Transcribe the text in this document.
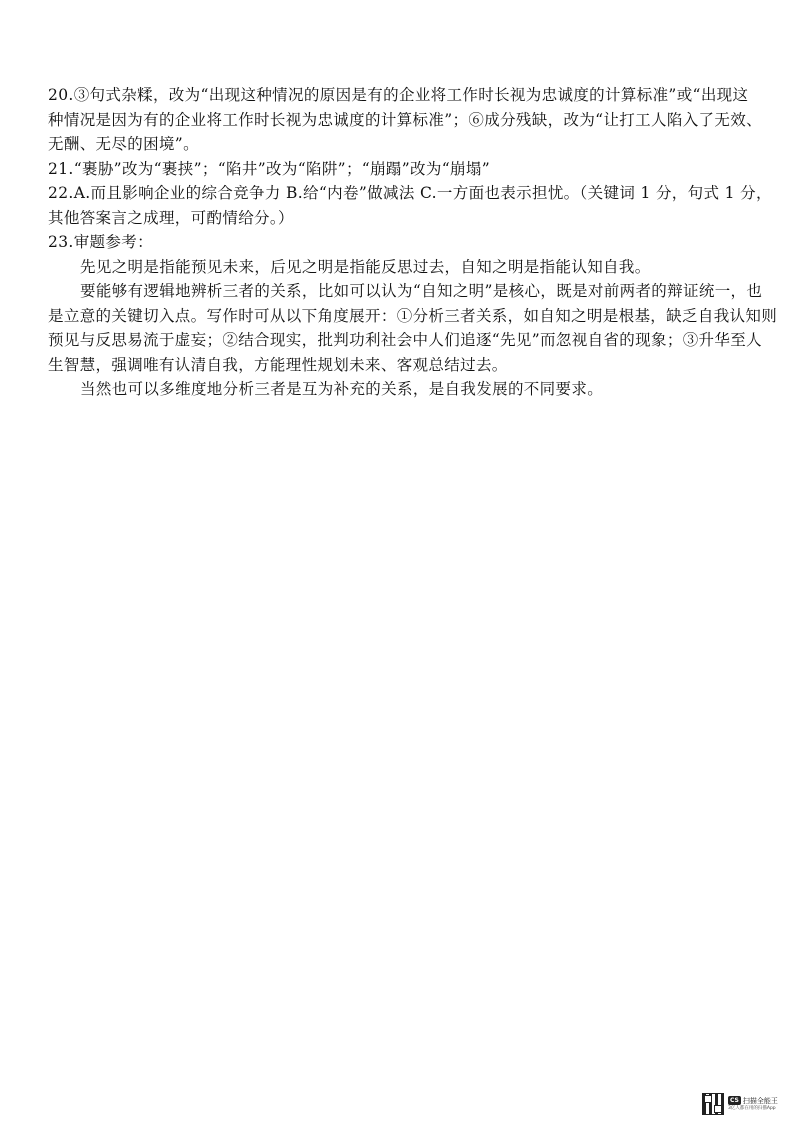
20.③句式杂糅，改为“出现这种情况的原因是有的企业将工作时长视为忠诚度的计算标准”或“出现这
种情况是因为有的企业将工作时长视为忠诚度的计算标准”；⑥成分残缺，改为“让打工人陷入了无效、
无酬、无尽的困境”。
21.“裹胁”改为“裹挟”；“陷井”改为“陷阱”；“崩蹋”改为“崩塌”
22.A.而且影响企业的综合竞争力 B.给“内卷”做减法 C.一方面也表示担忧。（关键词 1 分，句式 1 分，
其他答案言之成理，可酌情给分。）
23.审题参考：
先见之明是指能预见未来，后见之明是指能反思过去，自知之明是指能认知自我。
要能够有逻辑地辨析三者的关系，比如可以认为“自知之明”是核心，既是对前两者的辩证统一，也
是立意的关键切入点。写作时可从以下角度展开：①分析三者关系，如自知之明是根基，缺乏自我认知则
预见与反思易流于虚妄；②结合现实，批判功利社会中人们追逐“先见”而忽视自省的现象；③升华至人
生智慧，强调唯有认清自我，方能理性规划未来、客观总结过去。
当然也可以多维度地分析三者是互为补充的关系，是自我发展的不同要求。
CS 扫描全能王
3亿人都在用的扫描App
